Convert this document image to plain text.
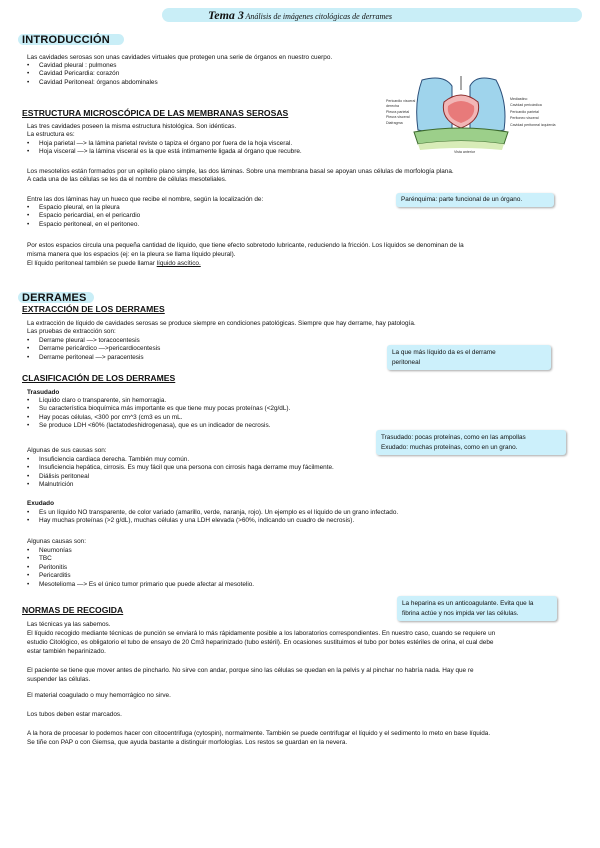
Tema 3 Análisis de imágenes citológicas de derrames
INTRODUCCIÓN
Las cavidades serosas son unas cavidades virtuales que protegen una serie de órganos en nuestro cuerpo.
• Cavidad pleural : pulmones
• Cavidad Pericardia: corazón
• Cavidad Peritoneal: órganos abdominales
Pericardio visceral
derecha
Pleura parietal
Pleura visceral
Diafragma
Mediastino
Cavidad pericárdica
Pericardio parietal
Peritoneo visceral
Cavidad peritoneal izquierda
Vista anterior
ESTRUCTURA MICROSCÓPICA DE LAS MEMBRANAS SEROSAS
Las tres cavidades poseen la misma estructura histológica. Son idénticas.
La estructura es:
• Hoja parietal —> la lámina parietal reviste o tapiza el órgano por fuera de la hoja visceral.
• Hoja visceral —> la lámina visceral es la que está íntimamente ligada al órgano que recubre.
Los mesotelios están formados por un epitelio plano simple, las dos láminas. Sobre una membrana basal se apoyan unas células de morfología plana.
A cada una de las células se les da el nombre de células mesoteliales.
Entre las dos láminas hay un hueco que recibe el nombre, según la localización de:
• Espacio pleural, en la pleura
• Espacio pericardial, en el pericardio
• Espacio peritoneal, en el peritoneo.
Por estos espacios circula una pequeña cantidad de líquido, que tiene efecto sobretodo lubricante, reduciendo la fricción. Los líquidos se denominan de la
misma manera que los espacios (ej: en la pleura se llama líquido pleural).
El líquido peritoneal también se puede llamar líquido ascítico.
Parénquima: parte funcional de un órgano.
DERRAMES
EXTRACCIÓN DE LOS DERRAMES
La extracción de líquido de cavidades serosas se produce siempre en condiciones patológicas. Siempre que hay derrame, hay patología.
Las pruebas de extracción son:
• Derrame pleural —> toracocentesis
• Derrame pericárdico —>pericardiocentesis
• Derrame peritoneal —> paracentesis
La que más líquido da es el derrame
peritoneal
CLASIFICACIÓN DE LOS DERRAMES
Trasudado
• Líquido claro o transparente, sin hemorragia.
• Su característica bioquímica más importante es que tiene muy pocas proteínas (<2g/dL).
• Hay pocas células, <300 por cm^3 (cm3 es un mL.
• Se produce LDH <60% (lactatodeshidrogenasa), que es un indicador de necrosis.
Trasudado: pocas proteínas, como en las ampollas
Exudado: muchas proteínas, como en un grano.
Algunas de sus causas son:
• Insuficiencia cardiaca derecha. También muy común.
• Insuficiencia hepática, cirrosis. Es muy fácil que una persona con cirrosis haga derrame muy fácilmente.
• Diálisis peritoneal
• Malnutrición
Exudado
• Es un líquido NO transparente, de color variado (amarillo, verde, naranja, rojo). Un ejemplo es el líquido de un grano infectado.
• Hay muchas proteínas (>2 g/dL), muchas células y una LDH elevada (>60%, indicando un cuadro de necrosis).
Algunas causas son:
• Neumonías
• TBC
• Peritonitis
• Pericarditis
• Mesotelioma —> Es el único tumor primario que puede afectar al mesotelio.
NORMAS DE RECOGIDA
La heparina es un anticoagulante. Evita que la
fibrina actúe y nos impida ver las células.
Las técnicas ya las sabemos.
El líquido recogido mediante técnicas de punción se enviará lo más rápidamente posible a los laboratorios correspondientes. En nuestro caso, cuando se requiere un
estudio Citológico, es obligatorio el tubo de ensayo de 20 Cm3 heparinizado (tubo estéril). En ocasiones sustituimos el tubo por botes estériles de orina, el cual debe
estar también heparinizado.
El paciente se tiene que mover antes de pincharlo. No sirve con andar, porque sino las células se quedan en la pelvis y al pinchar no habría nada. Hay que re
suspender las células.
El material coagulado o muy hemorrágico no sirve.
Los tubos deben estar marcados.
A la hora de procesar lo podemos hacer con citocentrifuga (cytospin), normalmente. También se puede centrifugar el líquido y el sedimento lo meto en base líquida.
Se tiñe con PAP o con Giemsa, que ayuda bastante a distinguir morfologías. Los restos se guardan en la nevera.
